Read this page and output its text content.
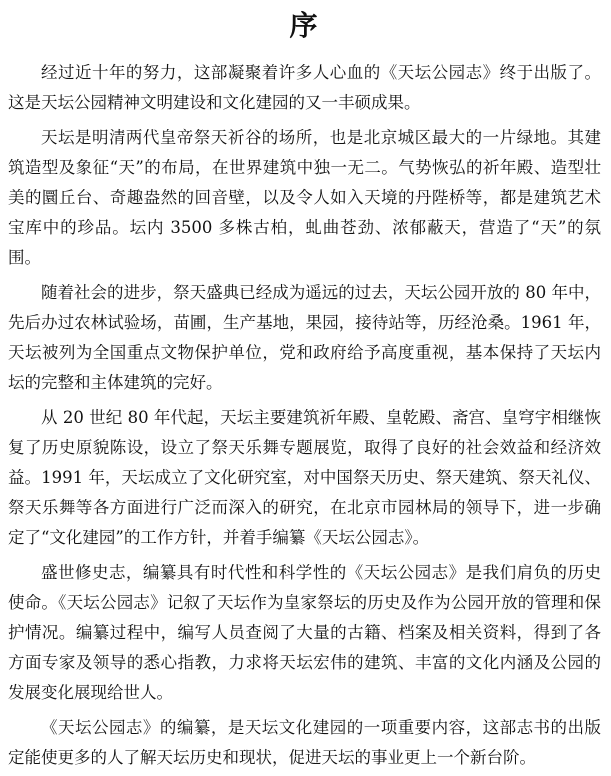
序

经过近十年的努力，这部凝聚着许多人心血的《天坛公园志》终于出版了。这是天坛公园精神文明建设和文化建园的又一丰硕成果。

天坛是明清两代皇帝祭天祈谷的场所，也是北京城区最大的一片绿地。其建筑造型及象征“天”的布局，在世界建筑中独一无二。气势恢弘的祈年殿、造型壮美的圜丘台、奇趣盎然的回音壁，以及令人如入天境的丹陛桥等，都是建筑艺术宝库中的珍品。坛内 3500 多株古柏，虬曲苍劲、浓郁蔽天，营造了“天”的氛围。

随着社会的进步，祭天盛典已经成为遥远的过去，天坛公园开放的 80 年中，先后办过农林试验场，苗圃，生产基地，果园，接待站等，历经沧桑。1961 年，天坛被列为全国重点文物保护单位，党和政府给予高度重视，基本保持了天坛内坛的完整和主体建筑的完好。

从 20 世纪 80 年代起，天坛主要建筑祈年殿、皇乾殿、斋宫、皇穹宇相继恢复了历史原貌陈设，设立了祭天乐舞专题展览，取得了良好的社会效益和经济效益。1991 年，天坛成立了文化研究室，对中国祭天历史、祭天建筑、祭天礼仪、祭天乐舞等各方面进行广泛而深入的研究，在北京市园林局的领导下，进一步确定了“文化建园”的工作方针，并着手编纂《天坛公园志》。

盛世修史志，编纂具有时代性和科学性的《天坛公园志》是我们肩负的历史使命。《天坛公园志》记叙了天坛作为皇家祭坛的历史及作为公园开放的管理和保护情况。编纂过程中，编写人员查阅了大量的古籍、档案及相关资料，得到了各方面专家及领导的悉心指教，力求将天坛宏伟的建筑、丰富的文化内涵及公园的发展变化展现给世人。

《天坛公园志》的编纂，是天坛文化建园的一项重要内容，这部志书的出版定能使更多的人了解天坛历史和现状，促进天坛的事业更上一个新台阶。
